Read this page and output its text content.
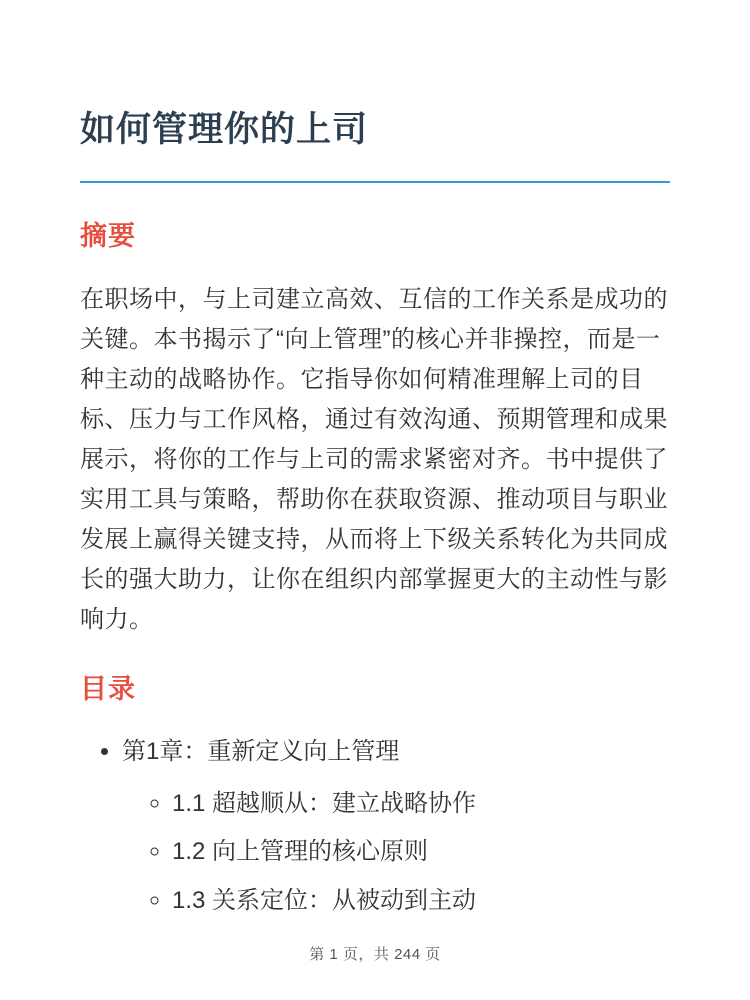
如何管理你的上司
摘要

在职场中，与上司建立高效、互信的工作关系是成功的关键。本书揭示了“向上管理”的核心并非操控，而是一种主动的战略协作。它指导你如何精准理解上司的目标、压力与工作风格，通过有效沟通、预期管理和成果展示，将你的工作与上司的需求紧密对齐。书中提供了实用工具与策略，帮助你在获取资源、推动项目与职业发展上赢得关键支持，从而将上下级关系转化为共同成长的强大助力，让你在组织内部掌握更大的主动性与影响力。

目录
• 第1章：重新定义向上管理
◦ 1.1 超越顺从：建立战略协作
◦ 1.2 向上管理的核心原则
◦ 1.3 关系定位：从被动到主动
第 1 页，共 244 页
